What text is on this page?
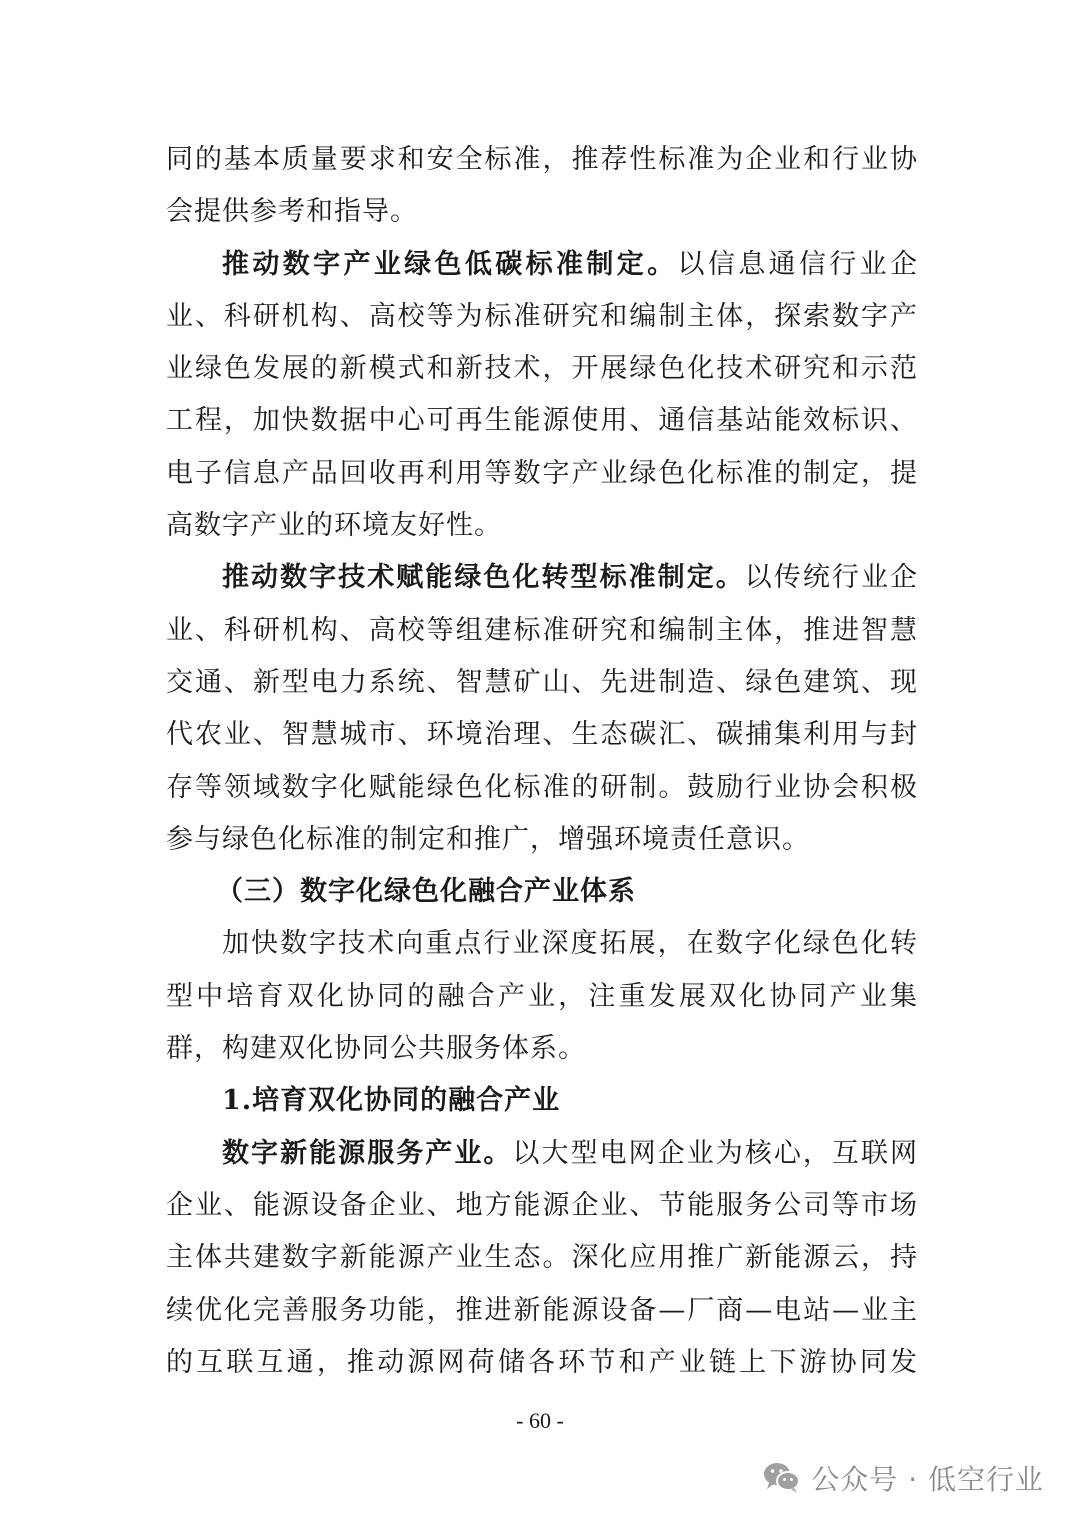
同的基本质量要求和安全标准，推荐性标准为企业和行业协
会提供参考和指导。
推动数字产业绿色低碳标准制定。以信息通信行业企
业、科研机构、高校等为标准研究和编制主体，探索数字产
业绿色发展的新模式和新技术，开展绿色化技术研究和示范
工程，加快数据中心可再生能源使用、通信基站能效标识、
电子信息产品回收再利用等数字产业绿色化标准的制定，提
高数字产业的环境友好性。
推动数字技术赋能绿色化转型标准制定。以传统行业企
业、科研机构、高校等组建标准研究和编制主体，推进智慧
交通、新型电力系统、智慧矿山、先进制造、绿色建筑、现
代农业、智慧城市、环境治理、生态碳汇、碳捕集利用与封
存等领域数字化赋能绿色化标准的研制。鼓励行业协会积极
参与绿色化标准的制定和推广，增强环境责任意识。
（三）数字化绿色化融合产业体系
加快数字技术向重点行业深度拓展，在数字化绿色化转
型中培育双化协同的融合产业，注重发展双化协同产业集
群，构建双化协同公共服务体系。
1.培育双化协同的融合产业
数字新能源服务产业。以大型电网企业为核心，互联网
企业、能源设备企业、地方能源企业、节能服务公司等市场
主体共建数字新能源产业生态。深化应用推广新能源云，持
续优化完善服务功能，推进新能源设备—厂商—电站—业主
的互联互通，推动源网荷储各环节和产业链上下游协同发
- 60 -
公众号 · 低空行业
